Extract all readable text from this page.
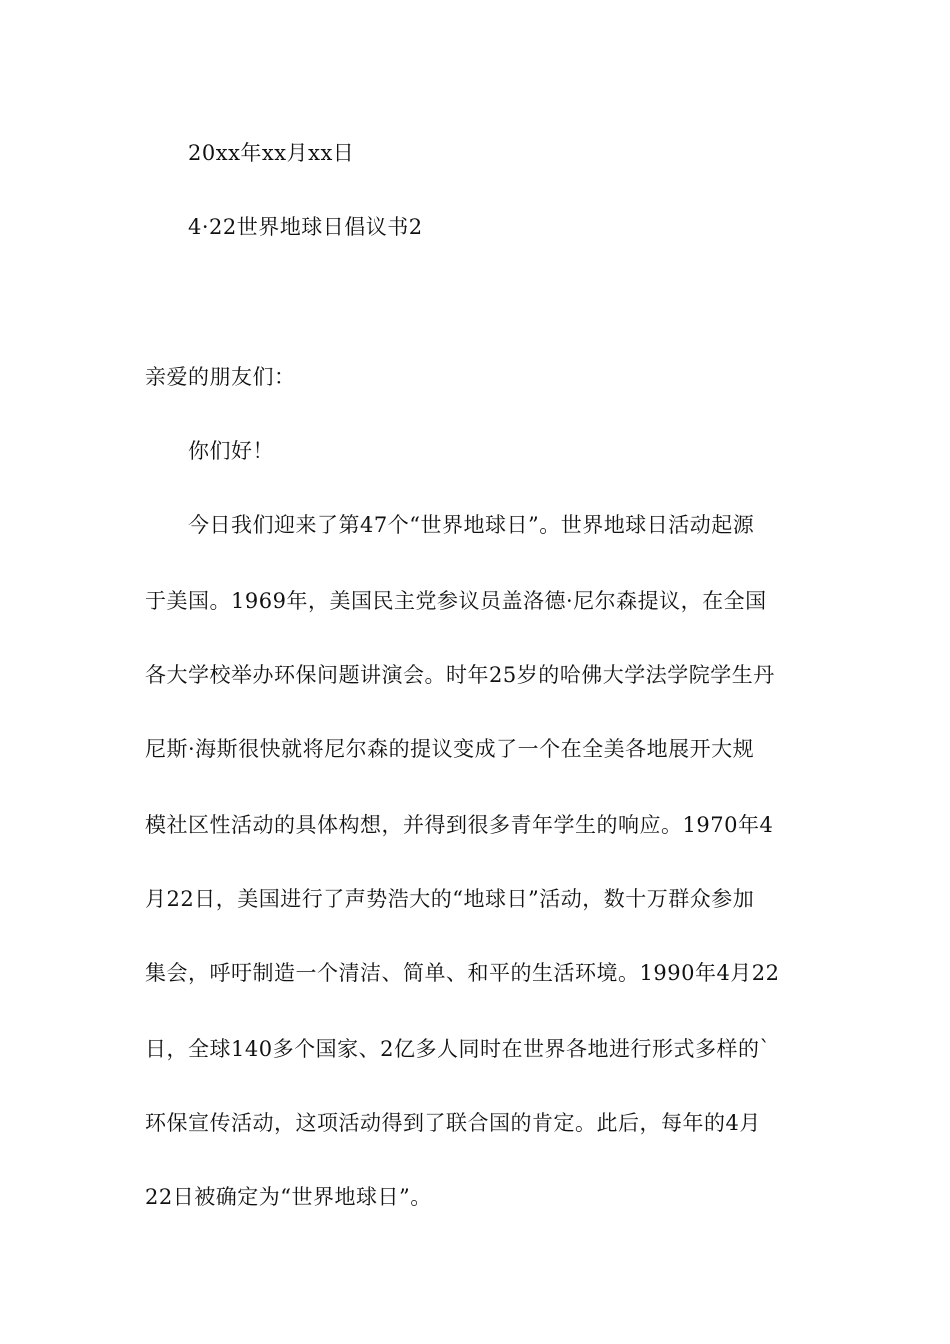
20xx年xx月xx日
4·22世界地球日倡议书2
亲爱的朋友们：
你们好！
今日我们迎来了第47个“世界地球日”。世界地球日活动起源
于美国。1969年，美国民主党参议员盖洛德·尼尔森提议，在全国
各大学校举办环保问题讲演会。时年25岁的哈佛大学法学院学生丹
尼斯·海斯很快就将尼尔森的提议变成了一个在全美各地展开大规
模社区性活动的具体构想，并得到很多青年学生的响应。1970年4
月22日，美国进行了声势浩大的“地球日”活动，数十万群众参加
集会，呼吁制造一个清洁、简单、和平的生活环境。1990年4月22
日，全球140多个国家、2亿多人同时在世界各地进行形式多样的`
环保宣传活动，这项活动得到了联合国的肯定。此后，每年的4月
22日被确定为“世界地球日”。
